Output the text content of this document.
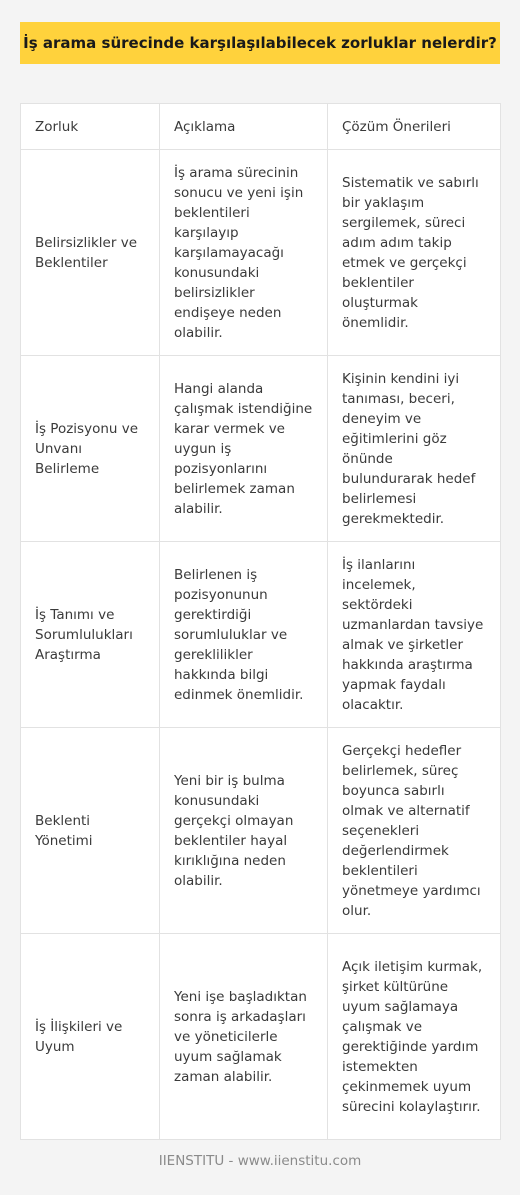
İş arama sürecinde karşılaşılabilecek zorluklar nelerdir?
Zorluk	Açıklama	Çözüm Önerileri
Belirsizlikler ve Beklentiler	İş arama sürecinin sonucu ve yeni işin beklentileri karşılayıp karşılamayacağı konusundaki belirsizlikler endişeye neden olabilir.	Sistematik ve sabırlı bir yaklaşım sergilemek, süreci adım adım takip etmek ve gerçekçi beklentiler oluşturmak önemlidir.
İş Pozisyonu ve Unvanı Belirleme	Hangi alanda çalışmak istendiğine karar vermek ve uygun iş pozisyonlarını belirlemek zaman alabilir.	Kişinin kendini iyi tanıması, beceri, deneyim ve eğitimlerini göz önünde bulundurarak hedef belirlemesi gerekmektedir.
İş Tanımı ve Sorumlulukları Araştırma	Belirlenen iş pozisyonunun gerektirdiği sorumluluklar ve gereklilikler hakkında bilgi edinmek önemlidir.	İş ilanlarını incelemek, sektördeki uzmanlardan tavsiye almak ve şirketler hakkında araştırma yapmak faydalı olacaktır.
Beklenti Yönetimi	Yeni bir iş bulma konusundaki gerçekçi olmayan beklentiler hayal kırıklığına neden olabilir.	Gerçekçi hedefler belirlemek, süreç boyunca sabırlı olmak ve alternatif seçenekleri değerlendirmek beklentileri yönetmeye yardımcı olur.
İş İlişkileri ve Uyum	Yeni işe başladıktan sonra iş arkadaşları ve yöneticilerle uyum sağlamak zaman alabilir.	Açık iletişim kurmak, şirket kültürüne uyum sağlamaya çalışmak ve gerektiğinde yardım istemekten çekinmemek uyum sürecini kolaylaştırır.
IIENSTITU - www.iienstitu.com
